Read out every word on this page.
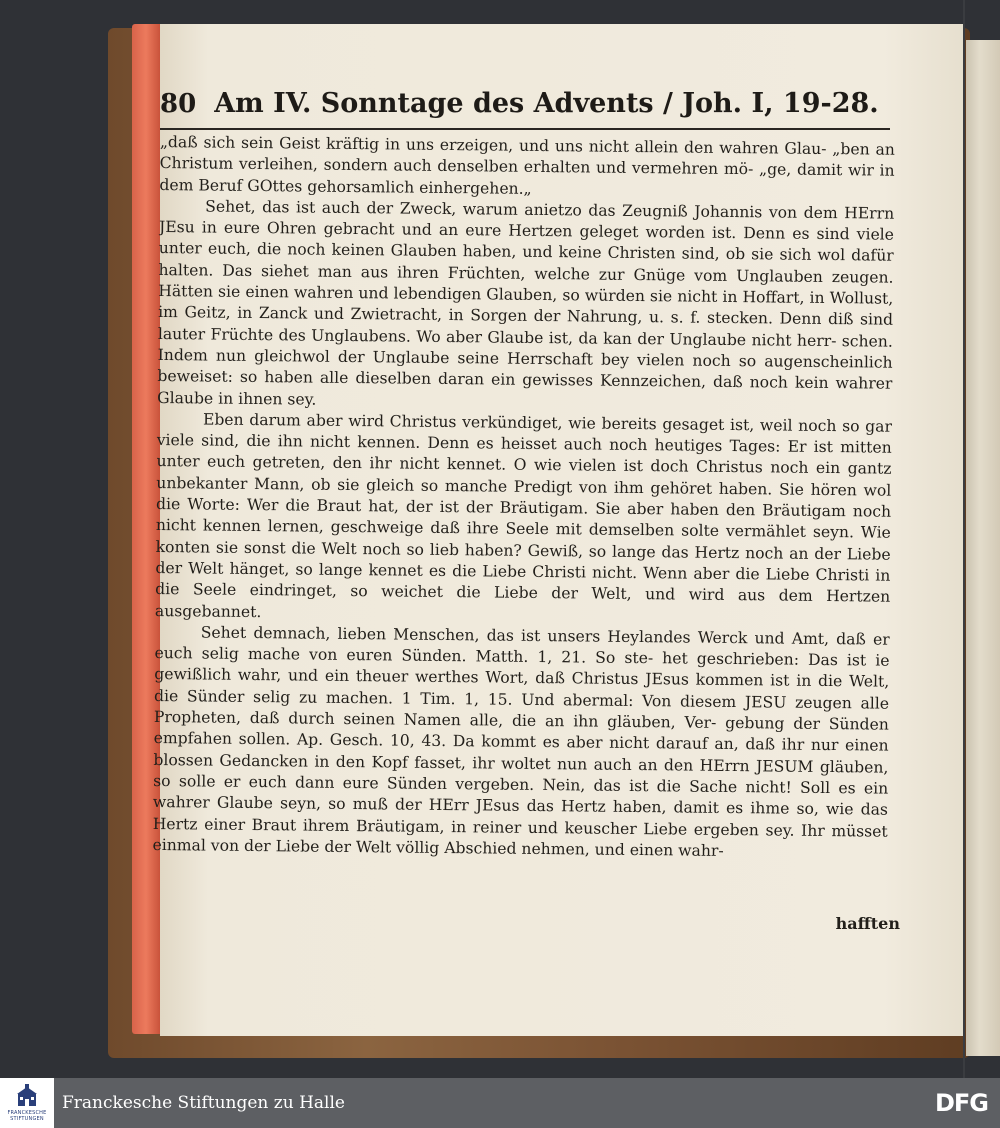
80 Am IV. Sonntage des Advents / Joh. I, 19-28.

„daß sich sein Geist kräftig in uns erzeigen, und uns nicht allein den wahren Glau- „ben an Christum verleihen, sondern auch denselben erhalten und vermehren mö- „ge, damit wir in dem Beruf GOttes gehorsamlich einhergehen.„

Sehet, das ist auch der Zweck, warum anietzo das Zeugniß Johannis von dem HErrn JEsu in eure Ohren gebracht und an eure Hertzen geleget worden ist. Denn es sind viele unter euch, die noch keinen Glauben haben, und keine Christen sind, ob sie sich wol dafür halten. Das siehet man aus ihren Früchten, welche zur Gnüge vom Unglauben zeugen. Hätten sie einen wahren und lebendigen Glauben, so würden sie nicht in Hoffart, in Wollust, im Geitz, in Zanck und Zwietracht, in Sorgen der Nahrung, u. s. f. stecken. Denn diß sind lauter Früchte des Unglaubens. Wo aber Glaube ist, da kan der Unglaube nicht herr- schen. Indem nun gleichwol der Unglaube seine Herrschaft bey vielen noch so augenscheinlich beweiset: so haben alle dieselben daran ein gewisses Kennzeichen, daß noch kein wahrer Glaube in ihnen sey.

Eben darum aber wird Christus verkündiget, wie bereits gesaget ist, weil noch so gar viele sind, die ihn nicht kennen. Denn es heisset auch noch heutiges Tages: Er ist mitten unter euch getreten, den ihr nicht kennet. O wie vielen ist doch Christus noch ein gantz unbekanter Mann, ob sie gleich so manche Predigt von ihm gehöret haben. Sie hören wol die Worte: Wer die Braut hat, der ist der Bräutigam. Sie aber haben den Bräutigam noch nicht kennen lernen, geschweige daß ihre Seele mit demselben solte vermählet seyn. Wie konten sie sonst die Welt noch so lieb haben? Gewiß, so lange das Hertz noch an der Liebe der Welt hänget, so lange kennet es die Liebe Christi nicht. Wenn aber die Liebe Christi in die Seele eindringet, so weichet die Liebe der Welt, und wird aus dem Hertzen ausgebannet.

Sehet demnach, lieben Menschen, das ist unsers Heylandes Werck und Amt, daß er euch selig mache von euren Sünden. Matth. 1, 21. So ste- het geschrieben: Das ist ie gewißlich wahr, und ein theuer werthes Wort, daß Christus JEsus kommen ist in die Welt, die Sünder selig zu machen. 1 Tim. 1, 15. Und abermal: Von diesem JESU zeugen alle Propheten, daß durch seinen Namen alle, die an ihn gläuben, Ver- gebung der Sünden empfahen sollen. Ap. Gesch. 10, 43. Da kommt es aber nicht darauf an, daß ihr nur einen blossen Gedancken in den Kopf fasset, ihr woltet nun auch an den HErrn JESUM gläuben, so solle er euch dann eure Sünden vergeben. Nein, das ist die Sache nicht! Soll es ein wahrer Glaube seyn, so muß der HErr JEsus das Hertz haben, damit es ihme so, wie das Hertz einer Braut ihrem Bräutigam, in reiner und keuscher Liebe ergeben sey. Ihr müsset einmal von der Liebe der Welt völlig Abschied nehmen, und einen wahr-

hafften
FRANCKESCHE STIFTUNGEN
Franckesche Stiftungen zu Halle	DFG
